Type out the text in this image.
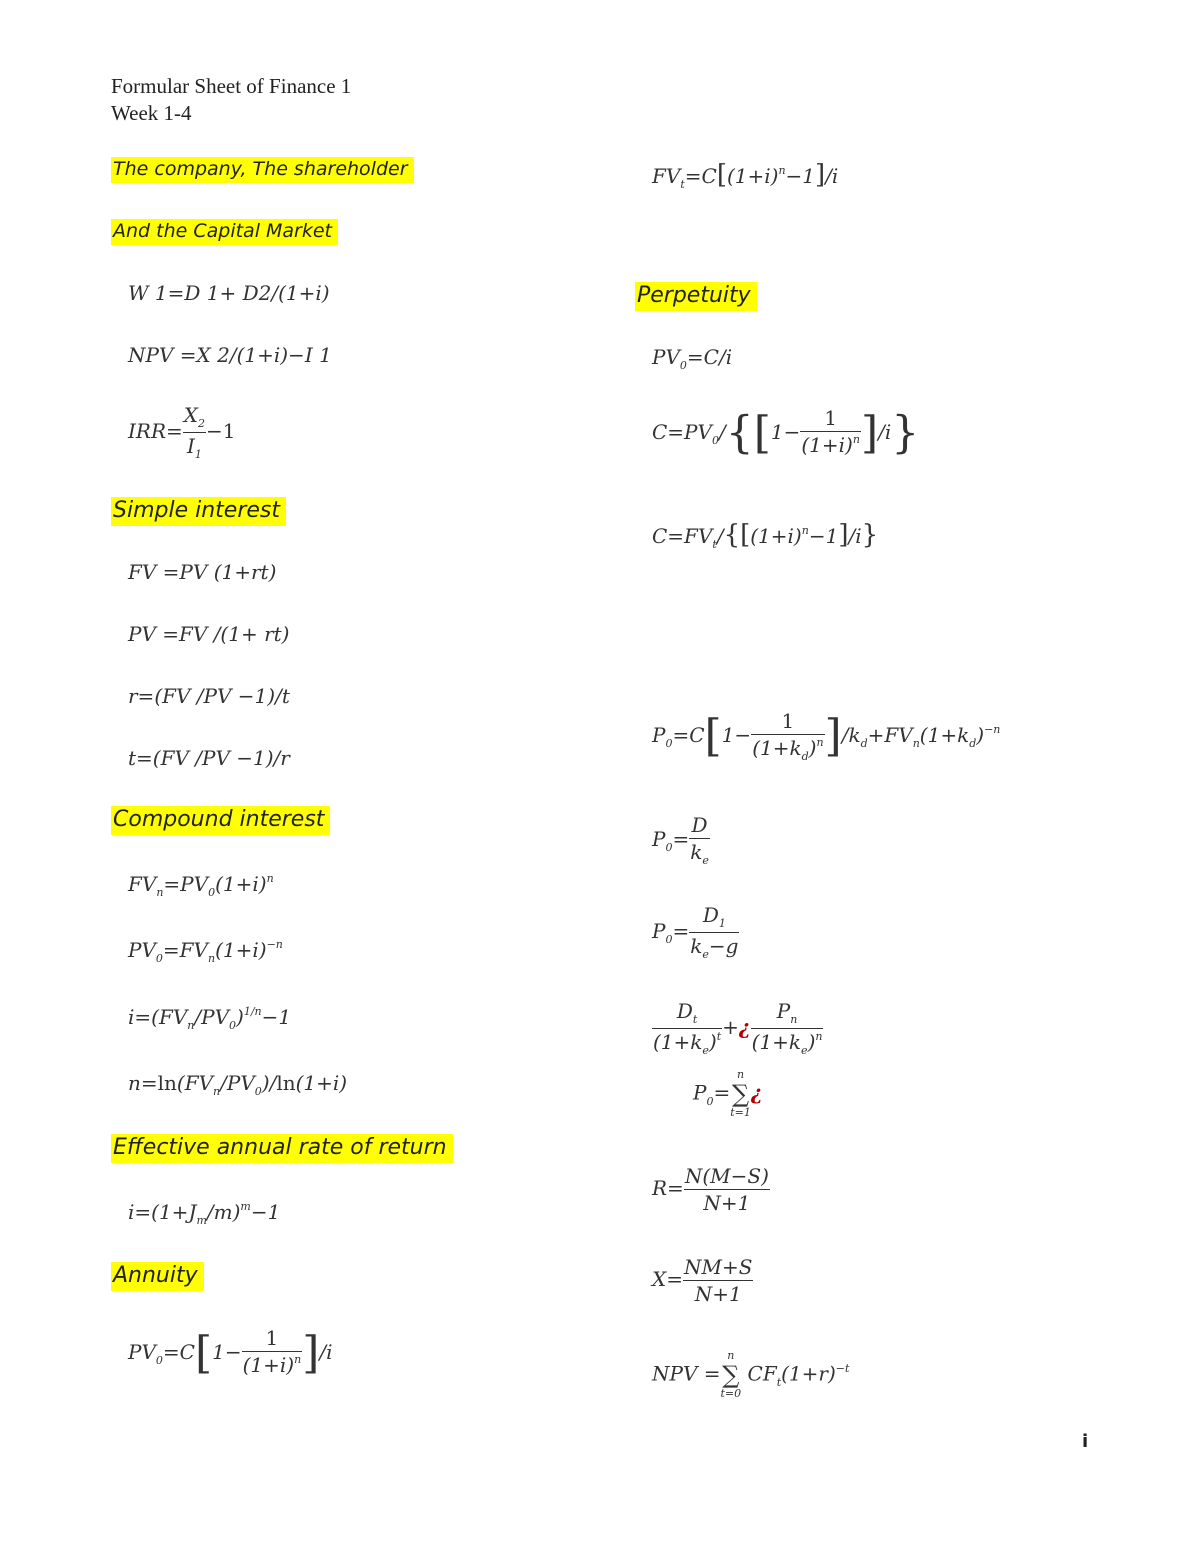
Formular Sheet of Finance 1
Week 1-4
The company, The shareholder
And the Capital Market
W 1=D 1+ D2/(1+i)
NPV =X 2/(1+i)−I 1
$IRR= \frac{X_2}{I_1} -1$
Simple interest
FV =PV (1+rt)
PV =FV /(1+ rt)
r=(FV /PV −1)/t
t=(FV /PV −1)/r
Compound interest
$FV_n=PV_0(1+i)^n$
$PV_0=FV_n(1+i)^{-n}$
$i=(FV_n/PV_0)^{1/n}-1$
$n=\ln(FV_n/PV_0)/\ln(1+i)$
Effective annual rate of return
$i=(1+J_m/m)^m-1$
Annuity
$PV_0=C[1- \frac{1}{(1+i)^n} ]/i$
$FV_t=C[(1+i)^n-1]/i$
Perpetuity
$PV_0=C/i$
$C=PV_0/\{[1- \frac{1}{(1+i)^n} ]/i\}$
$C=FV_t/\{[(1+i)^n-1]/i\}$
$P_0=C[1- \frac{1}{(1+k_d)^n} ]/k_d+FV_n(1+k_d)^{-n}$
$P_0= \frac{D}{k_e}$
$P_0= \frac{D_1}{k_e-g}$
$\frac{D_t}{(1+k_e)^t}$ +¿ $\frac{P_n}{(1+k_e)^n}$
$P_0=$
n
∑
t=1
¿
$R= \frac{N(M-S)}{N+1}$
$X= \frac{NM+S}{N+1}$
NPV =
n
∑
t=0
$CF_t(1+r)^{-t}$
i
